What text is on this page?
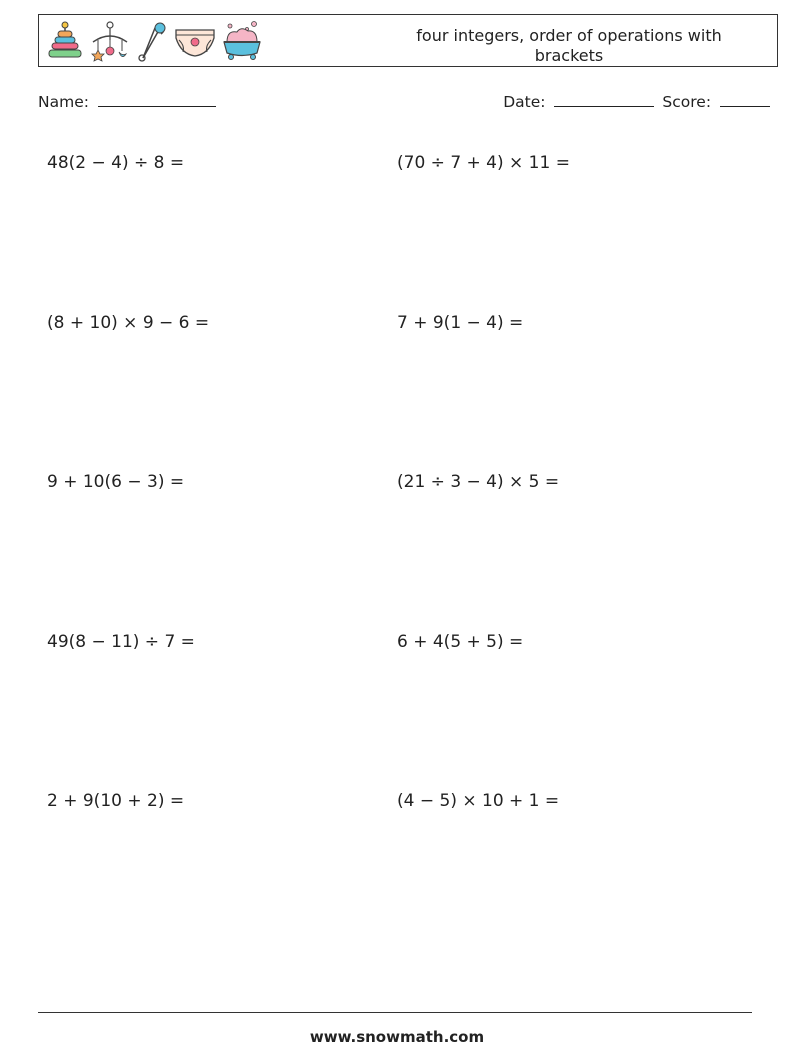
four integers, order of operations with brackets
Name:	Date:	Score:
48(2 − 4) ÷ 8 =	(70 ÷ 7 + 4) × 11 =
(8 + 10) × 9 − 6 =	7 + 9(1 − 4) =
9 + 10(6 − 3) =	(21 ÷ 3 − 4) × 5 =
49(8 − 11) ÷ 7 =	6 + 4(5 + 5) =
2 + 9(10 + 2) =	(4 − 5) × 10 + 1 =
www.snowmath.com
